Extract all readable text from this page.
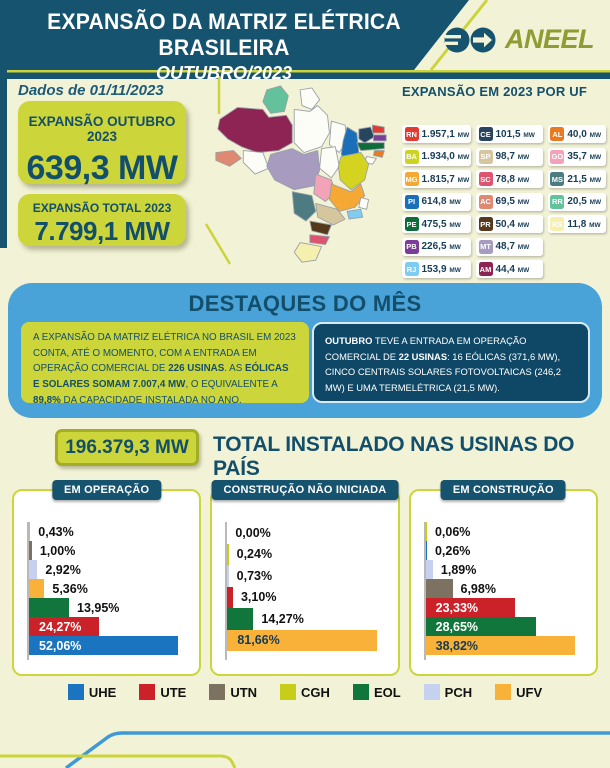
EXPANSÃO DA MATRIZ ELÉTRICA BRASILEIRA
OUTUBRO/2023
ANEEL
Dados de 01/11/2023
EXPANSÃO OUTUBRO 2023
639,3 MW
EXPANSÃO TOTAL 2023
7.799,1 MW
EXPANSÃO EM 2023 POR UF
RN 1.957,1 MW
BA 1.934,0 MW
MG 1.815,7 MW
PI 614,8 MW
PE 475,5 MW
PB 226,5 MW
RJ 153,9 MW
CE 101,5 MW
SP 98,7 MW
SC 78,8 MW
AC 69,5 MW
PR 50,4 MW
MT 48,7 MW
AM 44,4 MW
AL 40,0 MW
GO 35,7 MW
MS 21,5 MW
RR 20,5 MW
RS 11,8 MW
DESTAQUES DO MÊS
A EXPANSÃO DA MATRIZ ELÉTRICA NO BRASIL EM 2023 CONTA, ATÉ O MOMENTO, COM A ENTRADA EM OPERAÇÃO COMERCIAL DE 226 USINAS. AS EÓLICAS E SOLARES SOMAM 7.007,4 MW, O EQUIVALENTE A 89,8% DA CAPACIDADE INSTALADA NO ANO.
OUTUBRO TEVE A ENTRADA EM OPERAÇÃO COMERCIAL DE 22 USINAS: 16 EÓLICAS (371,6 MW), CINCO CENTRAIS SOLARES FOTOVOLTAICAS (246,2 MW) E UMA TERMELÉTRICA (21,5 MW).
196.379,3 MW	TOTAL INSTALADO NAS USINAS DO PAÍS
EM OPERAÇÃO
0,43%
1,00%
2,92%
5,36%
13,95%
24,27%
52,06%
CONSTRUÇÃO NÃO INICIADA
0,00%
0,24%
0,73%
3,10%
14,27%
81,66%
EM CONSTRUÇÃO
0,06%
0,26%
1,89%
6,98%
23,33%
28,65%
38,82%
UHE	UTE	UTN	CGH	EOL	PCH	UFV
